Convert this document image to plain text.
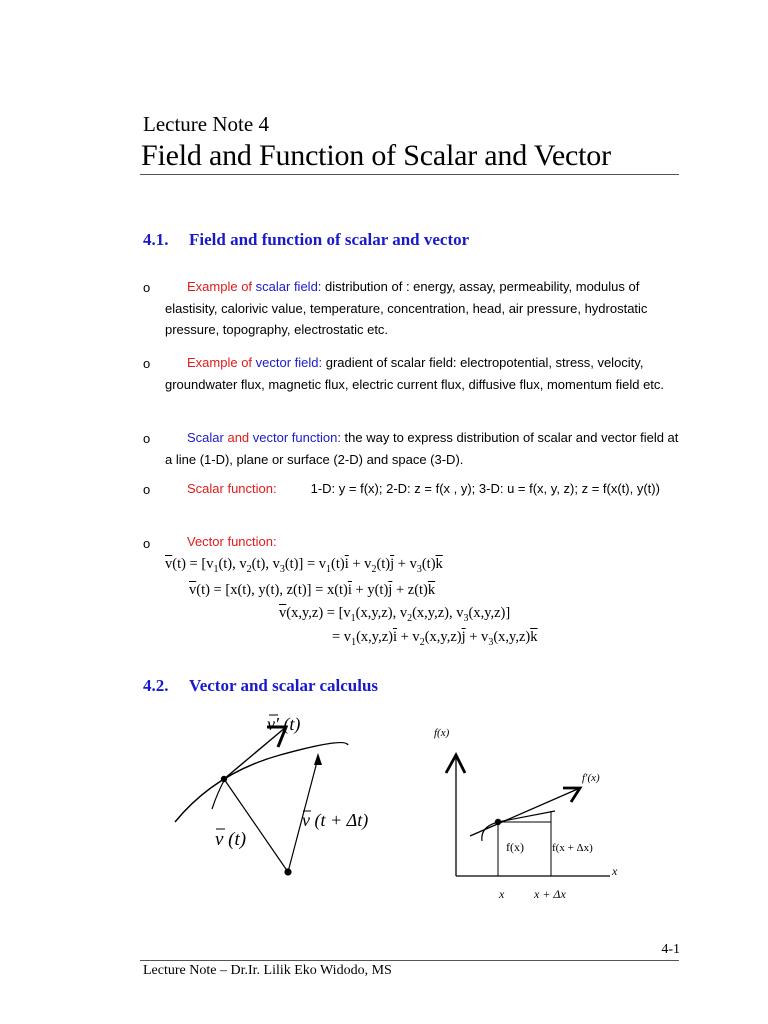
Lecture Note 4
Field and Function of Scalar and Vector
4.1. Field and function of scalar and vector
o	Example of scalar field: distribution of : energy, assay, permeability, modulus of elastisity, calorivic value, temperature, concentration, head, air pressure, hydrostatic pressure, topography, electrostatic etc.
o	Example of vector field: gradient of scalar field: electropotential, stress, velocity, groundwater flux, magnetic flux, electric current flux, diffusive flux, momentum field etc.
o	Scalar and vector function: the way to express distribution of scalar and vector field at a line (1-D), plane or surface (2-D) and space (3-D).
o	Scalar function:	1-D: y = f(x); 2-D: z = f(x , y); 3-D: u = f(x, y, z); z = f(x(t), y(t))
o	Vector function:
$\overline{v}(t) = [v_1(t)$, $v_2(t)$, $v_3(t)] = v_1(t)\overline{i} + v_2(t)\overline{j} + v_3(t)\overline{k}$
$\overline{v}(t) = [x(t)$, y(t), $z(t)] = x(t)\overline{i} + y(t)\overline{j} + z(t)\overline{k}$
$\overline{v}(x,y,z) = [v_1(x,y,z)$, $v_2(x,y,z)$, $v_3(x,y,z)$]
= $v_1(x,y,z)\overline{i} + v_2(x,y,z)\overline{j} + v_3(x,y,z)\overline{k}$
4.2. Vector and scalar calculus
v′ (t)
v (t + Δt)
v (t)
f(x)
x
f′(x)
f(x)	f(x + Δx)
x x + Δx
4-1
Lecture Note – Dr.Ir. Lilik Eko Widodo, MS
